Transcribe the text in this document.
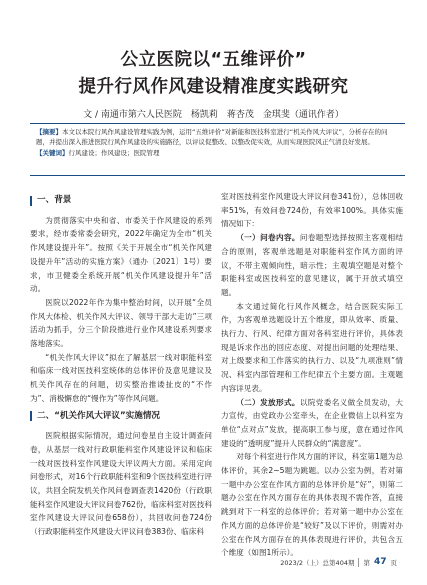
公立医院以“五维评价”
提升行风作风建设精准度实践研究
文 / 南通市第六人民医院　杨凯莉　蒋杏茂　金琪斐（通讯作者）
【摘要】本文以本院行风作风建设管理实践为例，运用“五维评价”对新能和医技科室进行“机关作风大评议”，分析存在的问题，并提出深入推进医院行风作风建设的实施路径，以评议促整改、以整改促实效，从而实现医院风正气清良好发展。
【关键词】行风建设；作风建设；医院管理
一、背景

为贯彻落实中央和省、市委关于作风建设的系列要求，经市委常委会研究，2022年确定为全市“机关作风建设提升年”。按照《关于开展全市“机关作风建设提升年”活动的实施方案》（通办〔2021〕1号）要求，市卫健委全系统开展“机关作风建设提升年”活动。

医院以2022年作为集中整治时间，以开展“全员作风大体检、机关作风大评议、领导干部大走访”三项活动为抓手，分三个阶段推进行业作风建设系列要求落地落实。

“机关作风大评议”拟在了解基层一线对职能科室和临床一线对医技科室统体的总体评价及意见建议及机关作风存在的问题，切实整治推诿扯皮的“不作为”、消极懈怠的“慢作为”等作风问题。

二、“机关作风大评议”实施情况

医院根据实际情况，通过问卷星自主设计调查问卷，从基层一线对行政职能科室作风建设评议和临床一线对医技科室作风建设大评议两大方面。采用定向问卷形式，对16个行政职能科室和9个医技科室进行评议，共回全院发机关作风问卷调查表1420份（行政职能科室作风建设大评议问卷762份，临床科室对医技科室作风建设大评议问卷658份），共回收问卷724份（行政职能科室作风建设大评议问卷383份、临床科

室对医技科室作风建设大评议问卷341份），总体回收率51%，有效问卷724份，有效率100%。具体实施情况如下：

（一）问卷内容。问卷题型选择按照主客观相结合的原则，客观单选题是对职能科室作风方面的评议，不带主观倾向性，暗示性；主观填空题是对整个职能科室或医技科室的意见建议，属于开放式填空题。

本文通过简化行风作风概念，结合医院实际工作，为客观单选题设计五个维度，即从效率、质量、执行力、行风、纪律方面对各科室进行评价，具体表现是诉求作出的回应态度、对提出问题的处理结果、对上级要求和工作落实的执行力、以及“九项准则”情况、科室内部管理和工作纪律五个主要方面。主观题内容详见表。

（二）发放形式。以院党委名义做全员发动，大力宣传，由党政办公室牵头，在企业微信上以科室为单位“点对点”发放，提高职工参与度，意在通过作风建设的“透明度”提升人民群众的“满意度”。

对每个科室进行作风方面的评议，科室第1题为总体评价，其余2~5题为跳题。以办公室为例，若对第一题中办公室在作风方面的总体评价是“好”，则第二题办公室在作风方面存在的具体表现不需作答，直接跳到对下一科室的总体评价；若对第一题中办公室在作风方面的总体评价是“较好”及以下评价，则需对办公室在作风方面存在的具体表现进行评价，共包含五个维度（如图1所示）。

2023/2（上）总第404期 第 47 页
